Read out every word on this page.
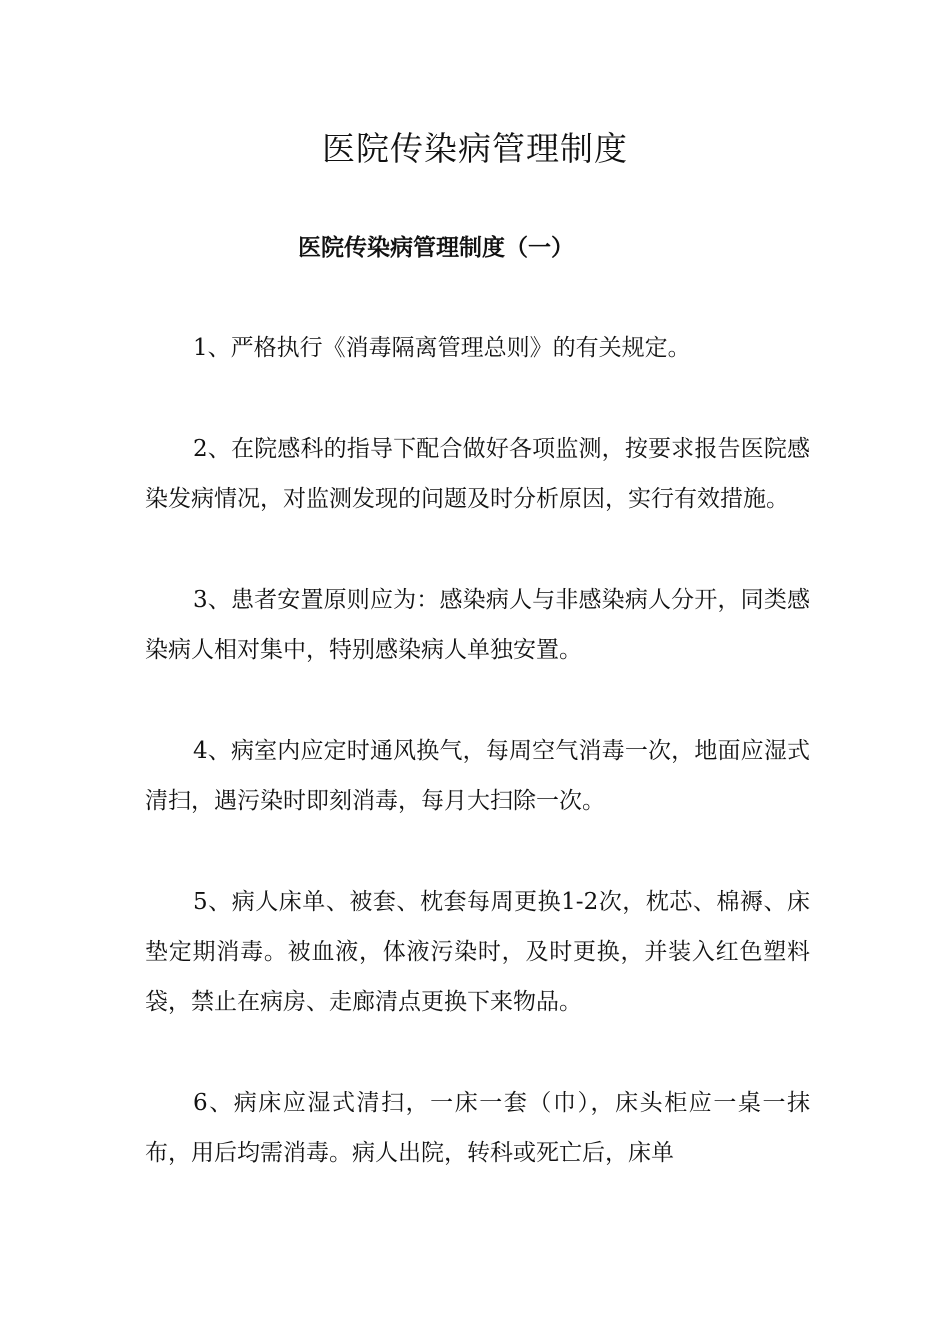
医院传染病管理制度
医院传染病管理制度（一）

1、严格执行《消毒隔离管理总则》的有关规定。

2、在院感科的指导下配合做好各项监测，按要求报告医院感染发病情况，对监测发现的问题及时分析原因，实行有效措施。

3、患者安置原则应为：感染病人与非感染病人分开，同类感染病人相对集中，特别感染病人单独安置。

4、病室内应定时通风换气，每周空气消毒一次，地面应湿式清扫，遇污染时即刻消毒，每月大扫除一次。

5、病人床单、被套、枕套每周更换1-2次，枕芯、棉褥、床垫定期消毒。被血液，体液污染时，及时更换，并装入红色塑料袋，禁止在病房、走廊清点更换下来物品。

6、病床应湿式清扫，一床一套（巾），床头柜应一桌一抹布，用后均需消毒。病人出院，转科或死亡后，床单
